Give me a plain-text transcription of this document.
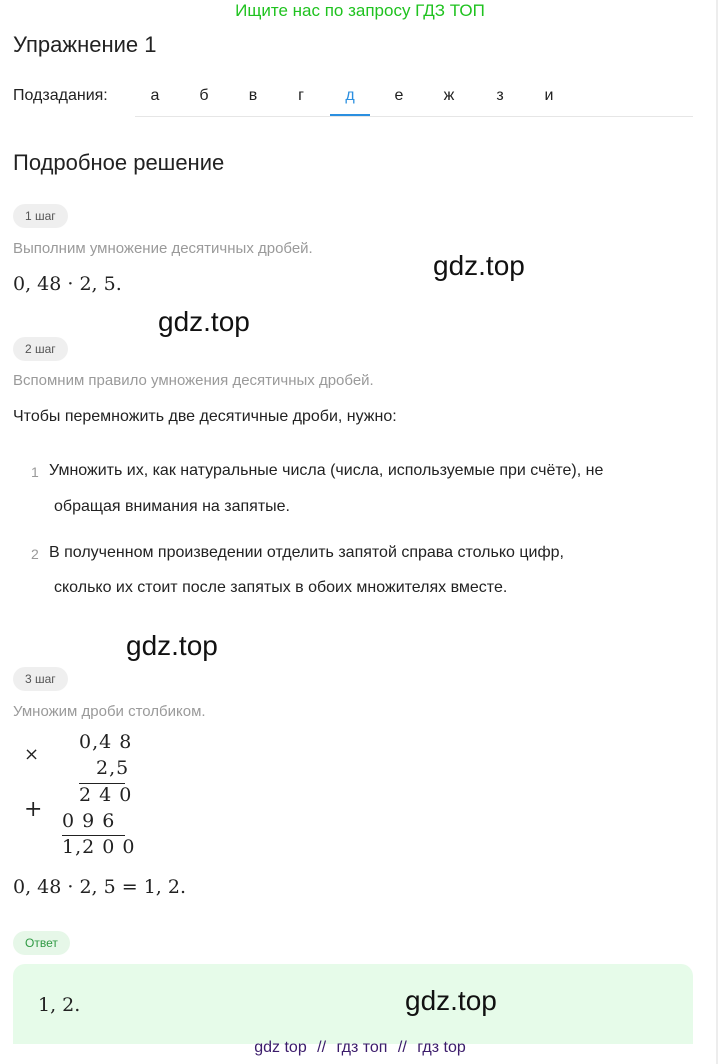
Ищите нас по запросу ГДЗ ТОП
Упражнение 1
Подзадания:	а	б	в	г	д	е	ж	з	и
Подробное решение
1 шаг
Выполним умножение десятичных дробей.
0, 48 · 2, 5.
gdz.top
gdz.top
2 шаг
Вспомним правило умножения десятичных дробей.
Чтобы перемножить две десятичные дроби, нужно:
1 Умножить их, как натуральные числа (числа, используемые при счёте), не
обращая внимания на запятые.
2 В полученном произведении отделить запятой справа столько цифр,
сколько их стоит после запятых в обоих множителях вместе.
gdz.top
3 шаг
Умножим дроби столбиком.
×
+
0,4 8
2,5
2 4 0
0 9 6
1,2 0 0
0, 48 · 2, 5 = 1, 2.
Ответ
1, 2.	gdz.top
gdz top // гдз топ // гдз top
